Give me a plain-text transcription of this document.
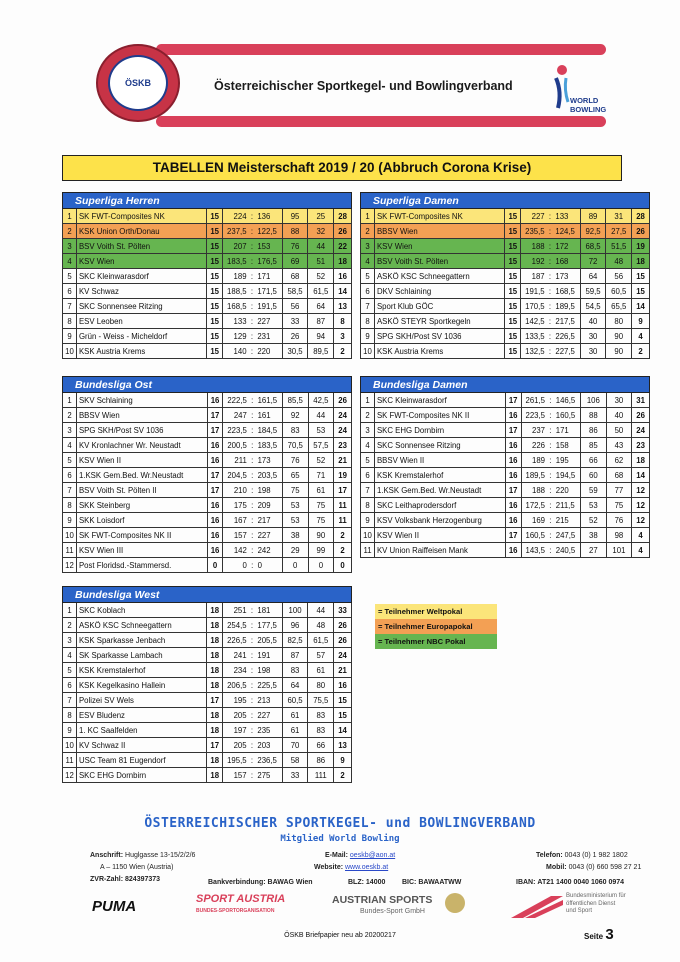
ÖSKB	Österreichischer Sportkegel- und Bowlingverband
WORLD
BOWLING
TABELLEN Meisterschaft 2019 / 20 (Abbruch Corona Krise)
Superliga Herren								
1	SK FWT-Composites NK	15	224	:	136	95	25	28
2	KSK Union Orth/Donau	15	237,5	:	122,5	88	32	26
3	BSV Voith St. Pölten	15	207	:	153	76	44	22
4	KSV Wien	15	183,5	:	176,5	69	51	18
5	SKC Kleinwarasdorf	15	189	:	171	68	52	16
6	KV Schwaz	15	188,5	:	171,5	58,5	61,5	14
7	SKC Sonnensee Ritzing	15	168,5	:	191,5	56	64	13
8	ESV Leoben	15	133	:	227	33	87	8
9	Grün - Weiss - Micheldorf	15	129	:	231	26	94	3
10	KSK Austria Krems	15	140	:	220	30,5	89,5	2
Superliga Damen								
1	SK FWT-Composites NK	15	227	:	133	89	31	28
2	BBSV Wien	15	235,5	:	124,5	92,5	27,5	26
3	KSV Wien	15	188	:	172	68,5	51,5	19
4	BSV Voith St. Pölten	15	192	:	168	72	48	18
5	ASKÖ KSC Schneegattern	15	187	:	173	64	56	15
6	DKV Schlaining	15	191,5	:	168,5	59,5	60,5	15
7	Sport Klub GÖC	15	170,5	:	189,5	54,5	65,5	14
8	ASKÖ STEYR Sportkegeln	15	142,5	:	217,5	40	80	9
9	SPG SKH/Post SV 1036	15	133,5	:	226,5	30	90	4
10	KSK Austria Krems	15	132,5	:	227,5	30	90	2
Bundesliga Ost								
1	SKV Schlaining	16	222,5	:	161,5	85,5	42,5	26
2	BBSV Wien	17	247	:	161	92	44	24
3	SPG SKH/Post SV 1036	17	223,5	:	184,5	83	53	24
4	KV Kronlachner Wr. Neustadt	16	200,5	:	183,5	70,5	57,5	23
5	KSV Wien II	16	211	:	173	76	52	21
6	1.KSK Gem.Bed. Wr.Neustadt	17	204,5	:	203,5	65	71	19
7	BSV Voith St. Pölten II	17	210	:	198	75	61	17
8	SKK Steinberg	16	175	:	209	53	75	11
9	SKK Loisdorf	16	167	:	217	53	75	11
10	SK FWT-Composites NK II	16	157	:	227	38	90	2
11	KSV Wien III	16	142	:	242	29	99	2
12	Post Floridsd.-Stammersd.	0	0	:	0	0	0	0
Bundesliga Damen								
1	SKC Kleinwarasdorf	17	261,5	:	146,5	106	30	31
2	SK FWT-Composites NK II	16	223,5	:	160,5	88	40	26
3	SKC EHG Dornbirn	17	237	:	171	86	50	24
4	SKC Sonnensee Ritzing	16	226	:	158	85	43	23
5	BBSV Wien II	16	189	:	195	66	62	18
6	KSK Kremstalerhof	16	189,5	:	194,5	60	68	14
7	1.KSK Gem.Bed. Wr.Neustadt	17	188	:	220	59	77	12
8	SKC Leithaprodersdorf	16	172,5	:	211,5	53	75	12
9	KSV Volksbank Herzogenburg	16	169	:	215	52	76	12
10	KSV Wien II	17	160,5	:	247,5	38	98	4
11	KV Union Raiffeisen Mank	16	143,5	:	240,5	27	101	4
Bundesliga West								
1	SKC Koblach	18	251	:	181	100	44	33
2	ASKÖ KSC Schneegattern	18	254,5	:	177,5	96	48	26
3	KSK Sparkasse Jenbach	18	226,5	:	205,5	82,5	61,5	26
4	SK Sparkasse Lambach	18	241	:	191	87	57	24
5	KSK Kremstalerhof	18	234	:	198	83	61	21
6	KSK Kegelkasino Hallein	18	206,5	:	225,5	64	80	16
7	Polizei SV Wels	17	195	:	213	60,5	75,5	15
8	ESV Bludenz	18	205	:	227	61	83	15
9	1. KC Saalfelden	18	197	:	235	61	83	14
10	KV Schwaz II	17	205	:	203	70	66	13
11	USC Team 81 Eugendorf	18	195,5	:	236,5	58	86	9
12	SKC EHG Dornbirn	18	157	:	275	33	111	2
= Teilnehmer Weltpokal
= Teilnehmer Europapokal
= Teilnehmer NBC Pokal
ÖSTERREICHISCHER SPORTKEGEL- und BOWLINGVERBAND
Mitglied World Bowling
Anschrift: Huglgasse 13-15/2/2/6
A – 1150 Wien (Austria)
ZVR-Zahl: 824397373
E-Mail: oeskb@aon.at
Website: www.oeskb.at
Telefon: 0043 (0) 1 982 1802
Mobil: 0043 (0) 660 598 27 21
Bankverbindung: BAWAG Wien	BLZ: 14000 BIC: BAWAATWW	IBAN: AT21 1400 0040 1060 0974
PUMA	SPORT AUSTRIA
BUNDES-SPORTORGANISATION
AUSTRIAN SPORTS
Bundes-Sport GmbH
Bundesministerium für
öffentlichen Dienst
und Sport
ÖSKB Briefpapier neu ab 20200217	Seite 3
